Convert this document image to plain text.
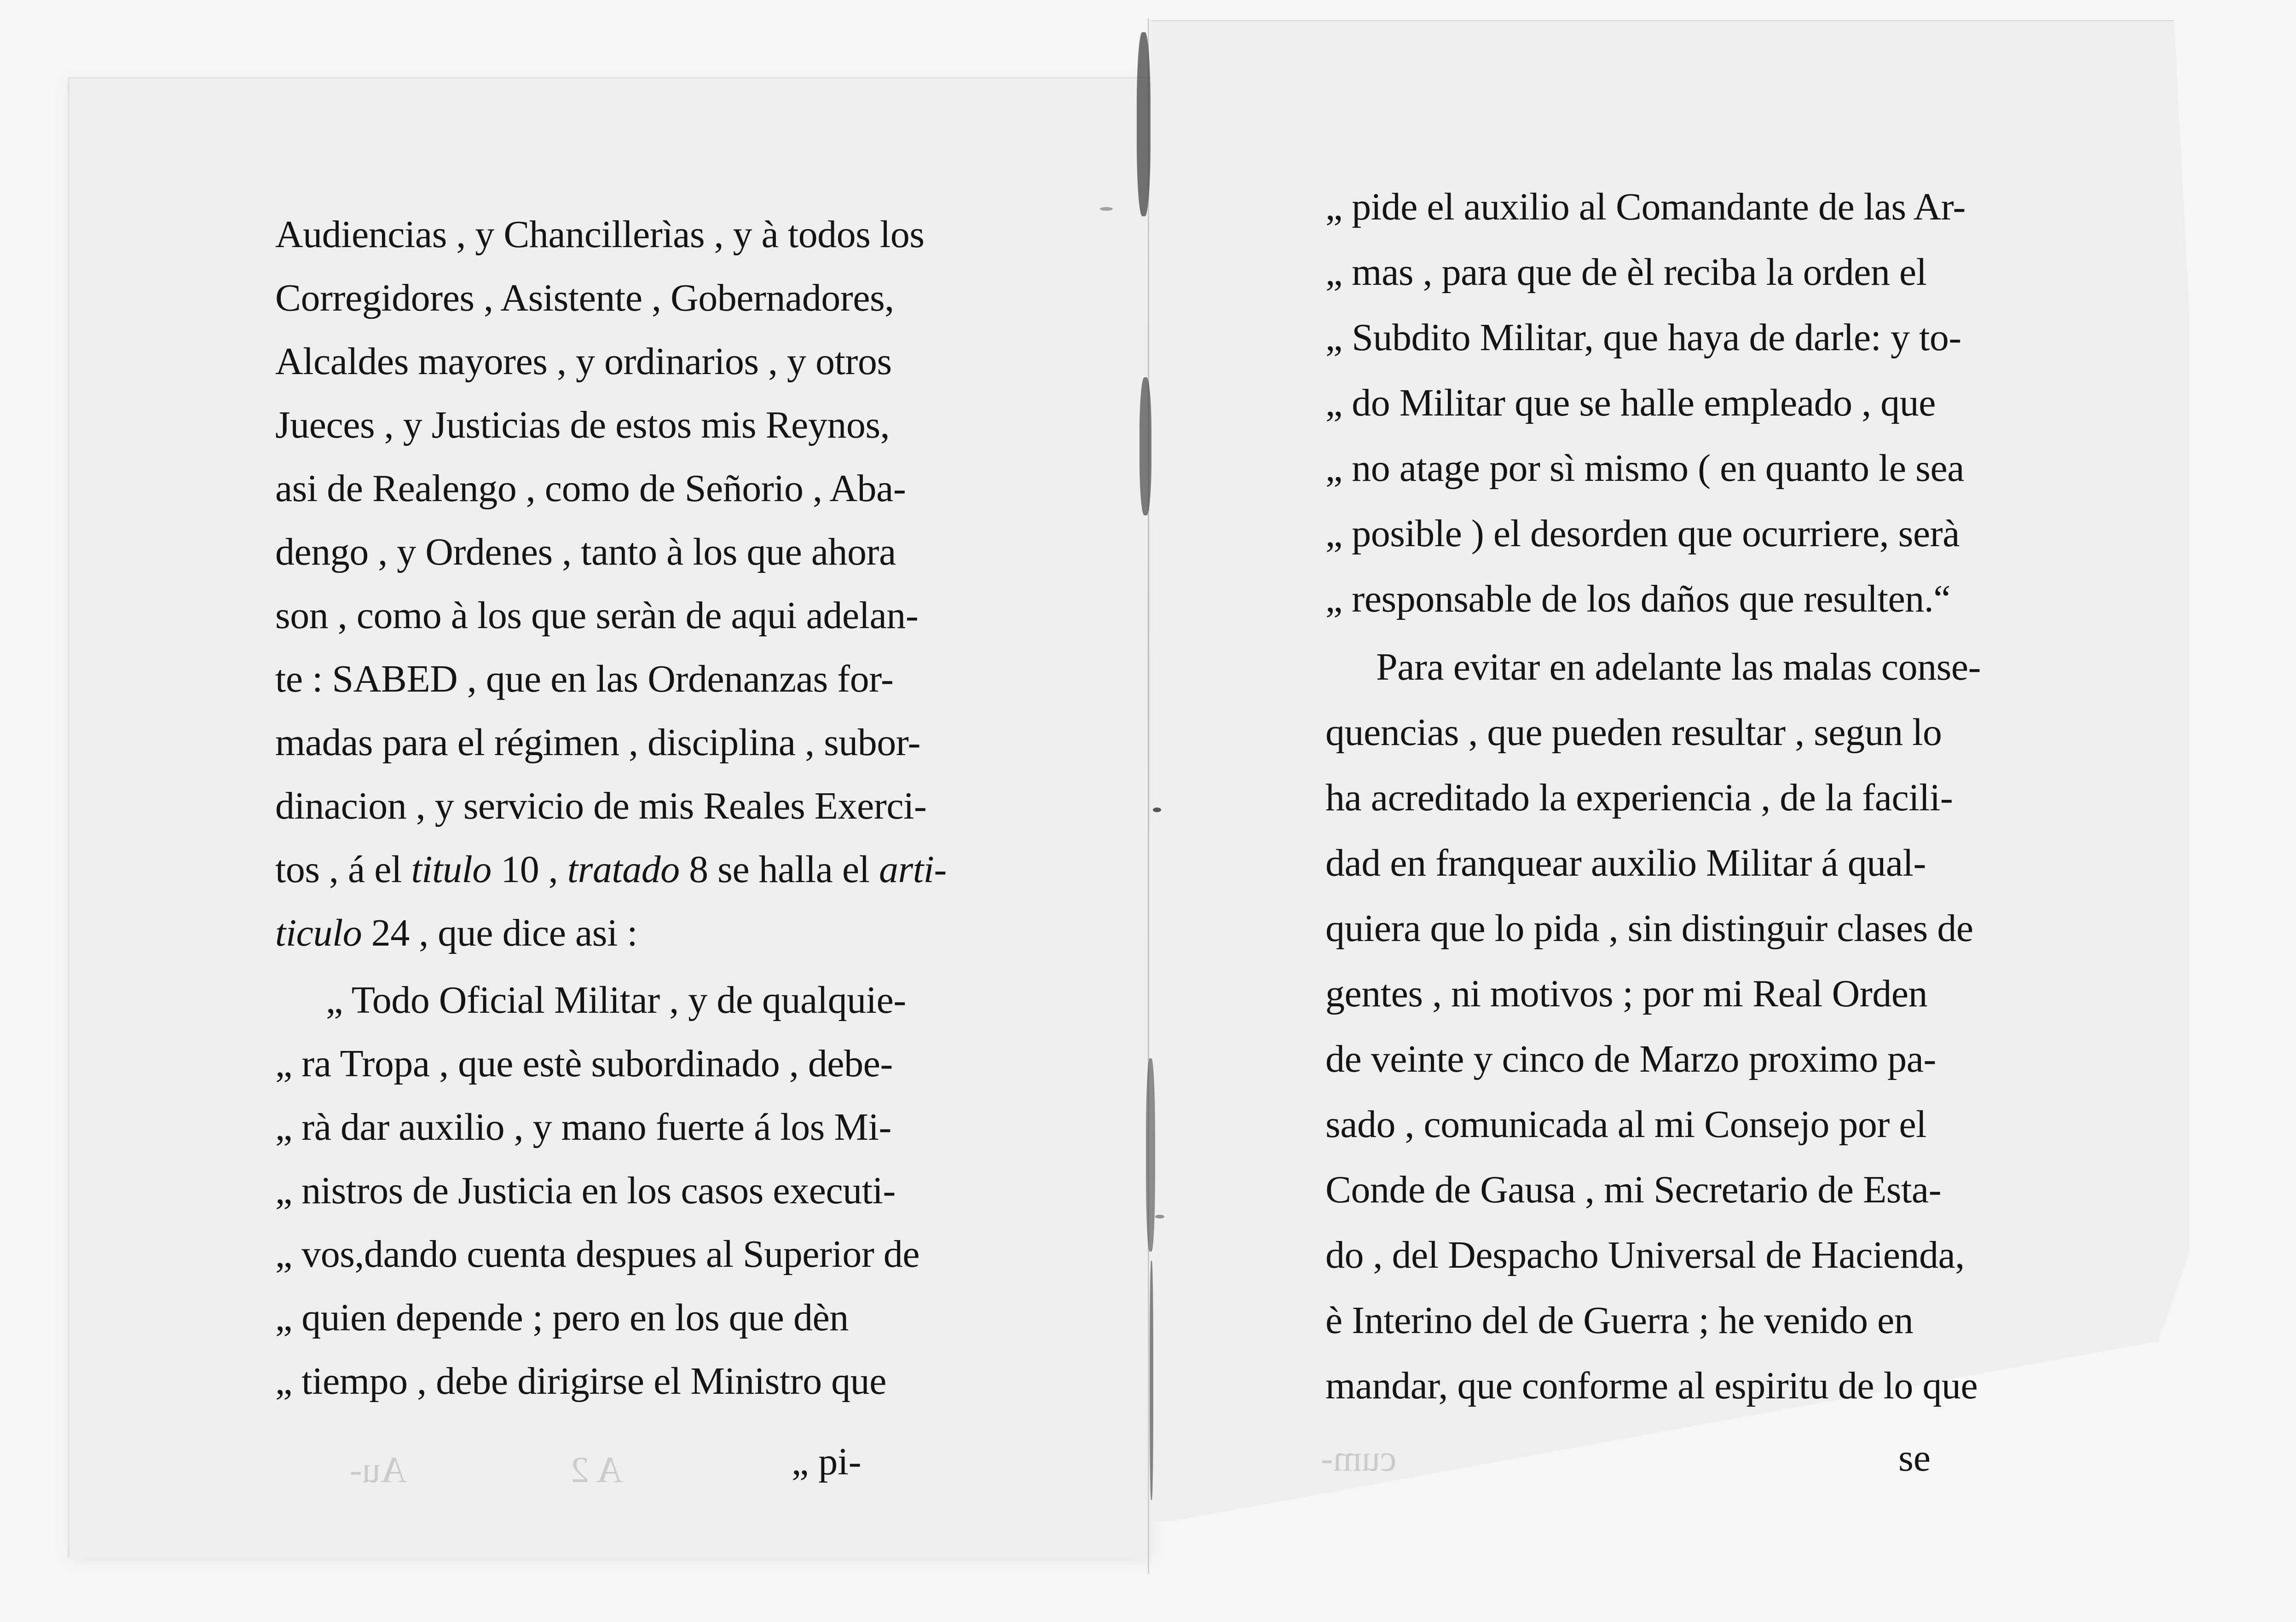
Audiencias , y Chancillerìas , y à todos los
Corregidores , Asistente , Gobernadores,
Alcaldes mayores , y ordinarios , y otros
Jueces , y Justicias de estos mis Reynos,
asi de Realengo , como de Señorio , Aba-
dengo , y Ordenes , tanto à los que ahora
son , como à los que seràn de aqui adelan-
te : SABED , que en las Ordenanzas for-
madas para el régimen , disciplina , subor-
dinacion , y servicio de mis Reales Exerci-
tos , á el titulo 10 , tratado 8 se halla el arti-
ticulo 24 , que dice asi :
„ Todo Oficial Militar , y de qualquie-
„ ra Tropa , que estè subordinado , debe-
„ rà dar auxilio , y mano fuerte á los Mi-
„ nistros de Justicia en los casos executi-
„ vos,dando cuenta despues al Superior de
„ quien depende ; pero en los que dèn
„ tiempo , debe dirigirse el Ministro que
„ pi-
Au-	A 2
„ pide el auxilio al Comandante de las Ar-
„ mas , para que de èl reciba la orden el
„ Subdito Militar, que haya de darle: y to-
„ do Militar que se halle empleado , que
„ no atage por sì mismo ( en quanto le sea
„ posible ) el desorden que ocurriere, serà
„ responsable de los daños que resulten.“
Para evitar en adelante las malas conse-
quencias , que pueden resultar , segun lo
ha acreditado la experiencia , de la facili-
dad en franquear auxilio Militar á qual-
quiera que lo pida , sin distinguir clases de
gentes , ni motivos ; por mi Real Orden
de veinte y cinco de Marzo proximo pa-
sado , comunicada al mi Consejo por el
Conde de Gausa , mi Secretario de Esta-
do , del Despacho Universal de Hacienda,
è Interino del de Guerra ; he venido en
mandar, que conforme al espiritu de lo que
se
cum-
